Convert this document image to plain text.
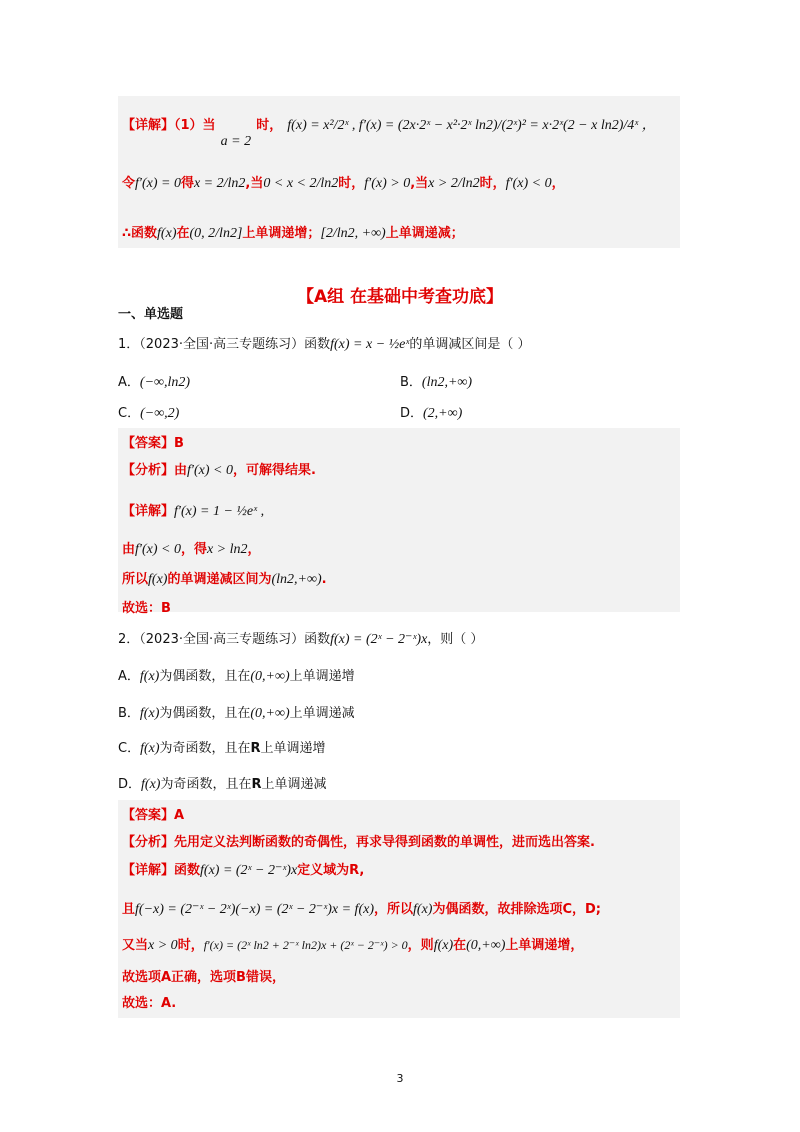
【详解】（1）当 a = 2 时， f(x) = x²/2ˣ , f′(x) = (2x·2ˣ − x²·2ˣ ln2)/(2ˣ)² = x·2ˣ(2 − x ln2)/4ˣ ，
令f′(x) = 0得x = 2/ln2,当0 < x < 2/ln2时，f′(x) > 0,当x > 2/ln2时，f′(x) < 0，
∴函数f(x)在(0, 2/ln2]上单调递增；[2/ln2, +∞)上单调递减；
【A组 在基础中考查功底】
一、单选题
1．（2023·全国·高三专题练习）函数f(x) = x − ½eˣ的单调减区间是（ ）
A．(−∞,ln2)	B．(ln2,+∞)
C．(−∞,2)	D．(2,+∞)
【答案】B
【分析】由f′(x) < 0，可解得结果.
【详解】f′(x) = 1 − ½eˣ ,
由f′(x) < 0，得x > ln2，
所以f(x)的单调递减区间为(ln2,+∞).
故选：B
2．（2023·全国·高三专题练习）函数f(x) = (2ˣ − 2⁻ˣ)x，则（ ）
A．f(x)为偶函数，且在(0,+∞)上单调递增
B．f(x)为偶函数，且在(0,+∞)上单调递减
C．f(x)为奇函数，且在R上单调递增
D．f(x)为奇函数，且在R上单调递减
【答案】A
【分析】先用定义法判断函数的奇偶性，再求导得到函数的单调性，进而选出答案.
【详解】函数f(x) = (2ˣ − 2⁻ˣ)x定义域为R,
且f(−x) = (2⁻ˣ − 2ˣ)(−x) = (2ˣ − 2⁻ˣ)x = f(x)，所以f(x)为偶函数，故排除选项C，D;
又当x > 0时，f′(x) = (2ˣ ln2 + 2⁻ˣ ln2)x + (2ˣ − 2⁻ˣ) > 0，则f(x)在(0,+∞)上单调递增，
故选项A正确，选项B错误，
故选：A.
3
